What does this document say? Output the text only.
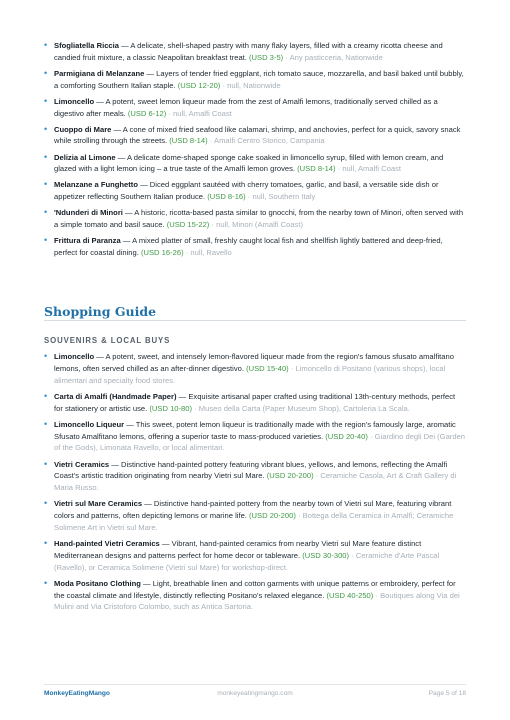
• Sfogliatella Riccia — A delicate, shell-shaped pastry with many flaky layers, filled with a creamy ricotta cheese and candied fruit mixture, a classic Neapolitan breakfast treat. (USD 3-5) · Any pasticceria, Nationwide
• Parmigiana di Melanzane — Layers of tender fried eggplant, rich tomato sauce, mozzarella, and basil baked until bubbly, a comforting Southern Italian staple. (USD 12-20) · null, Nationwide
• Limoncello — A potent, sweet lemon liqueur made from the zest of Amalfi lemons, traditionally served chilled as a digestivo after meals. (USD 6-12) · null, Amalfi Coast
• Cuoppo di Mare — A cone of mixed fried seafood like calamari, shrimp, and anchovies, perfect for a quick, savory snack while strolling through the streets. (USD 8-14) · Amalfi Centro Storico, Campania
• Delizia al Limone — A delicate dome-shaped sponge cake soaked in limoncello syrup, filled with lemon cream, and glazed with a light lemon icing – a true taste of the Amalfi lemon groves. (USD 8-14) · null, Amalfi Coast
• Melanzane a Funghetto — Diced eggplant sautéed with cherry tomatoes, garlic, and basil, a versatile side dish or appetizer reflecting Southern Italian produce. (USD 8-16) · null, Southern Italy
• 'Ndunderi di Minori — A historic, ricotta-based pasta similar to gnocchi, from the nearby town of Minori, often served with a simple tomato and basil sauce. (USD 15-22) · null, Minori (Amalfi Coast)
• Frittura di Paranza — A mixed platter of small, freshly caught local fish and shellfish lightly battered and deep-fried, perfect for coastal dining. (USD 16-26) · null, Ravello
Shopping Guide
SOUVENIRS & LOCAL BUYS
• Limoncello — A potent, sweet, and intensely lemon-flavored liqueur made from the region's famous sfusato amalfitano lemons, often served chilled as an after-dinner digestivo. (USD 15-40) · Limoncello di Positano (various shops), local alimentari and specialty food stores.
• Carta di Amalfi (Handmade Paper) — Exquisite artisanal paper crafted using traditional 13th-century methods, perfect for stationery or artistic use. (USD 10-80) · Museo della Carta (Paper Museum Shop), Cartoleria La Scala.
• Limoncello Liqueur — This sweet, potent lemon liqueur is traditionally made with the region's famously large, aromatic Sfusato Amalfitano lemons, offering a superior taste to mass-produced varieties. (USD 20-40) · Giardino degli Dei (Garden of the Gods), Limonata Ravello, or local alimentari.
• Vietri Ceramics — Distinctive hand-painted pottery featuring vibrant blues, yellows, and lemons, reflecting the Amalfi Coast's artistic tradition originating from nearby Vietri sul Mare. (USD 20-200) · Ceramiche Casola, Art & Craft Gallery di Maria Russo.
• Vietri sul Mare Ceramics — Distinctive hand-painted pottery from the nearby town of Vietri sul Mare, featuring vibrant colors and patterns, often depicting lemons or marine life. (USD 20-200) · Bottega della Ceramica in Amalfi; Ceramiche Solimene Art in Vietri sul Mare.
• Hand-painted Vietri Ceramics — Vibrant, hand-painted ceramics from nearby Vietri sul Mare feature distinct Mediterranean designs and patterns perfect for home decor or tableware. (USD 30-300) · Ceramiche d'Arte Pascal (Ravello), or Ceramica Solimene (Vietri sul Mare) for workshop-direct.
• Moda Positano Clothing — Light, breathable linen and cotton garments with unique patterns or embroidery, perfect for the coastal climate and lifestyle, distinctly reflecting Positano's relaxed elegance. (USD 40-250) · Boutiques along Via dei Mulini and Via Cristoforo Colombo, such as Antica Sartoria.
MonkeyEatingMango	monkeyeatingmango.com	Page 5 of 18
